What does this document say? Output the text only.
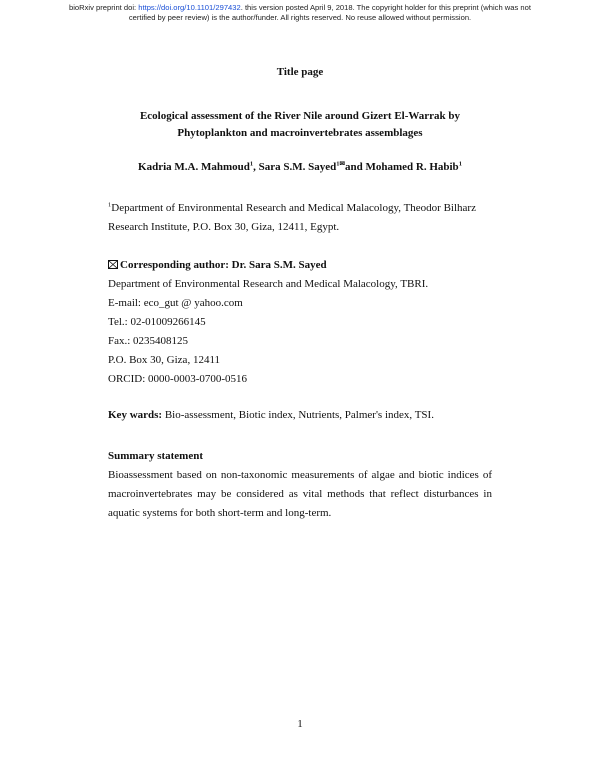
bioRxiv preprint doi: https://doi.org/10.1101/297432. this version posted April 9, 2018. The copyright holder for this preprint (which was not
certified by peer review) is the author/funder. All rights reserved. No reuse allowed without permission.
Title page
Ecological assessment of the River Nile around Gizert El-Warrak by
Phytoplankton and macroinvertebrates assemblages
Kadria M.A. Mahmoud$^1$, Sara S.M. Sayed$^{1✉}$and Mohamed R. Habib$^1$
$^1$Department of Environmental Research and Medical Malacology, Theodor Bilharz
Research Institute, P.O. Box 30, Giza, 12411, Egypt.
Corresponding author: Dr. Sara S.M. Sayed
Department of Environmental Research and Medical Malacology, TBRI.
E-mail: eco_gut @ yahoo.com
Tel.: 02-01009266145
Fax.: 0235408125
P.O. Box 30, Giza, 12411
ORCID: 0000-0003-0700-0516
Key wards: Bio-assessment, Biotic index, Nutrients, Palmer's index, TSI.
Summary statement
Bioassessment based on non-taxonomic measurements of algae and biotic indices of
macroinvertebrates may be considered as vital methods that reflect disturbances in
aquatic systems for both short-term and long-term.
1
